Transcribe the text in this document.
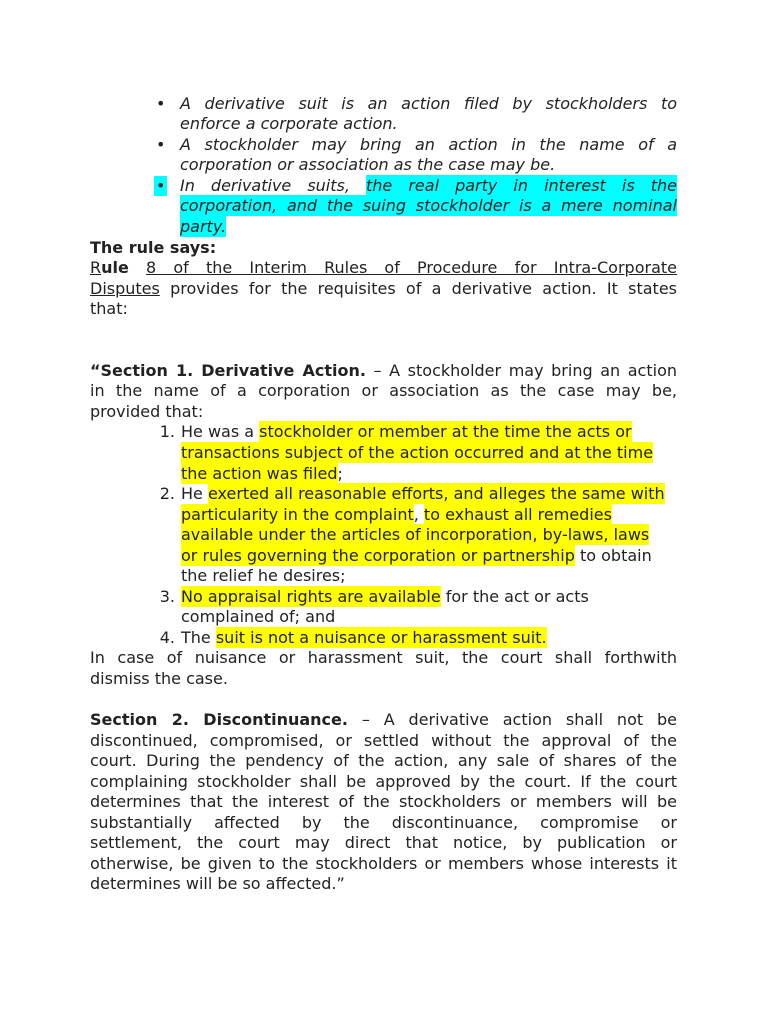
• A derivative suit is an action filed by stockholders to
enforce a corporate action.
• A stockholder may bring an action in the name of a
corporation or association as the case may be.
• In derivative suits, the real party in interest is the
corporation, and the suing stockholder is a mere nominal
party.
The rule says:
Rule 8 of the Interim Rules of Procedure for Intra-Corporate
Disputes provides for the requisites of a derivative action. It states
that:
“Section 1. Derivative Action. – A stockholder may bring an action
in the name of a corporation or association as the case may be,
provided that:
1. He was a stockholder or member at the time the acts or
transactions subject of the action occurred and at the time
the action was filed;
2. He exerted all reasonable efforts, and alleges the same with
particularity in the complaint, to exhaust all remedies
available under the articles of incorporation, by-laws, laws
or rules governing the corporation or partnership to obtain
the relief he desires;
3. No appraisal rights are available for the act or acts
complained of; and
4. The suit is not a nuisance or harassment suit.
In case of nuisance or harassment suit, the court shall forthwith
dismiss the case.
Section 2. Discontinuance. – A derivative action shall not be
discontinued, compromised, or settled without the approval of the
court. During the pendency of the action, any sale of shares of the
complaining stockholder shall be approved by the court. If the court
determines that the interest of the stockholders or members will be
substantially affected by the discontinuance, compromise or
settlement, the court may direct that notice, by publication or
otherwise, be given to the stockholders or members whose interests it
determines will be so affected.”
